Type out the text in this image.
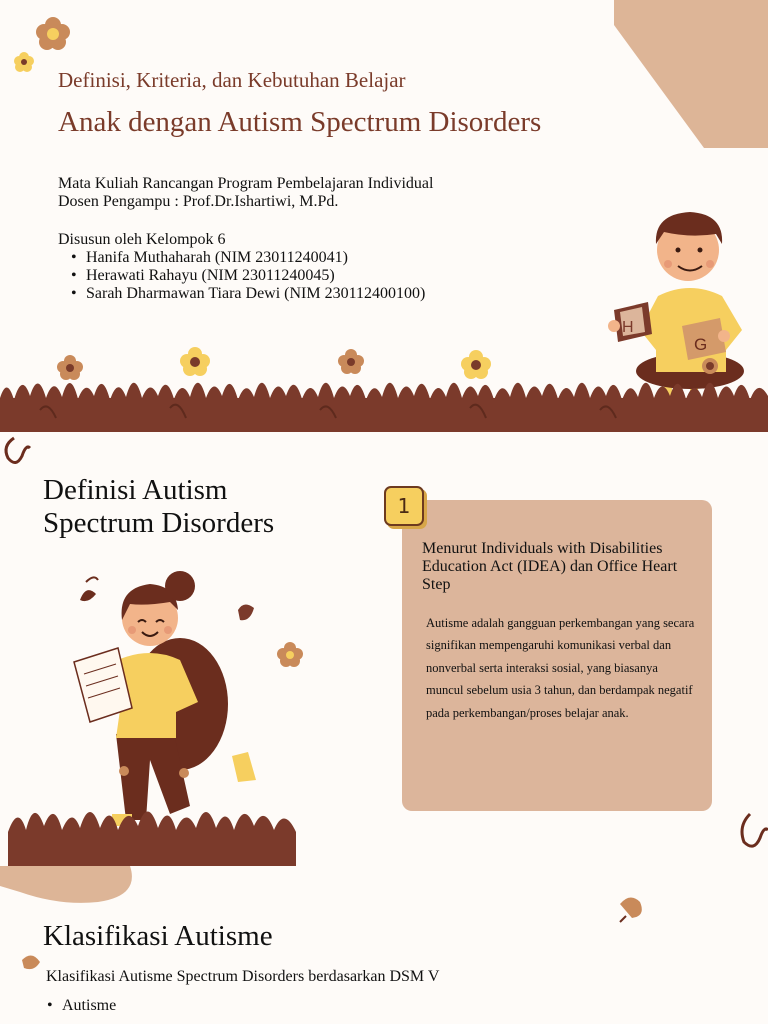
H
G
Definisi, Kriteria, dan Kebutuhan Belajar
Anak dengan Autism Spectrum Disorders
Mata Kuliah Rancangan Program Pembelajaran Individual
Dosen Pengampu : Prof.Dr.Ishartiwi, M.Pd.
Disusun oleh Kelompok 6
• Hanifa Muthaharah (NIM 23011240041)
• Herawati Rahayu (NIM 23011240045)
• Sarah Dharmawan Tiara Dewi (NIM 230112400100)
Definisi Autism
Spectrum Disorders
Menurut Individuals with Disabilities Education Act (IDEA) dan Office Heart Step
Autisme adalah gangguan perkembangan yang secara signifikan mempengaruhi komunikasi verbal dan nonverbal serta interaksi sosial, yang biasanya muncul sebelum usia 3 tahun, dan berdampak negatif pada perkembangan/proses belajar anak.
1
Klasifikasi Autisme
Klasifikasi Autisme Spectrum Disorders berdasarkan DSM V
• Autisme
